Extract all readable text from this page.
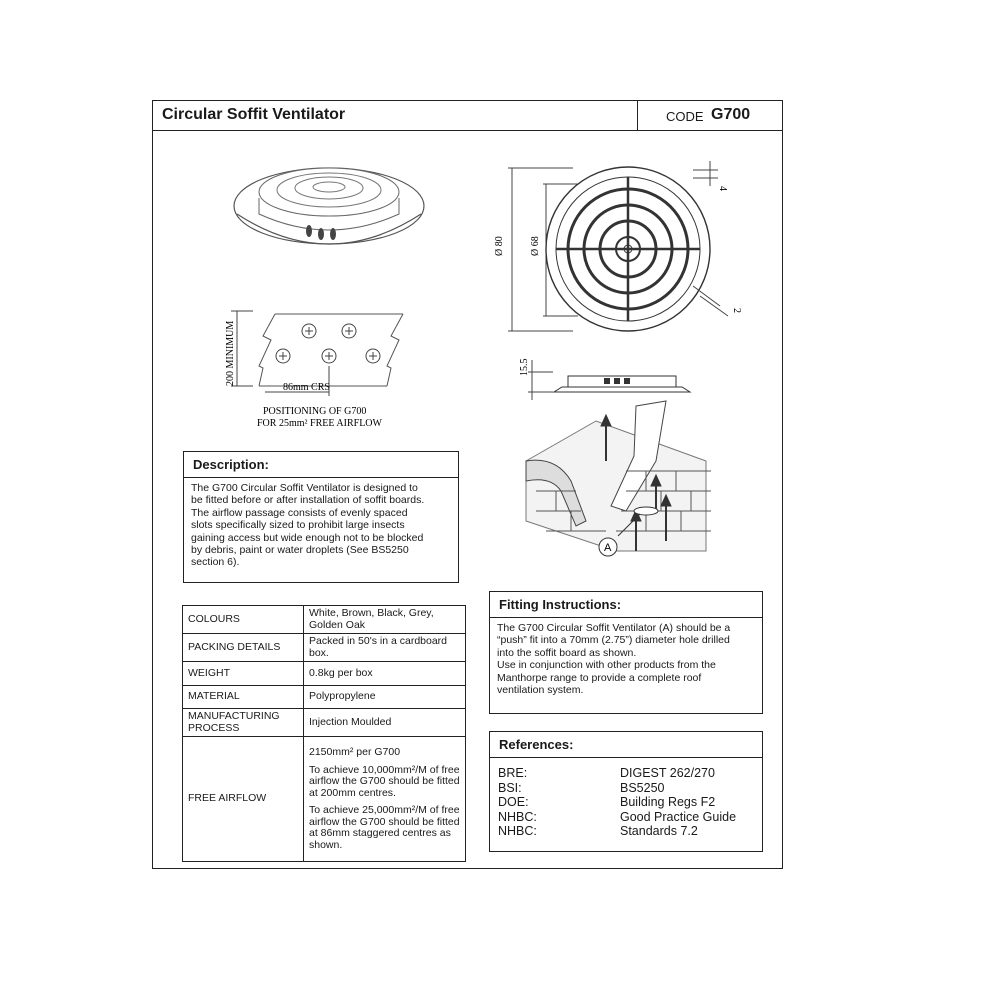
Circular Soffit Ventilator	CODE G700
Ø 80	Ø 68
4
2
15.5
A
200 MINIMUM
86mm CRS
POSITIONING OF G700
FOR 25mm² FREE AIRFLOW
Description:
The G700 Circular Soffit Ventilator is designed to
be fitted before or after installation of soffit boards.
The airflow passage consists of evenly spaced
slots specifically sized to prohibit large insects
gaining access but wide enough not to be blocked
by debris, paint or water droplets (See BS5250
section 6).
COLOURS	White, Brown, Black, Grey, Golden Oak
PACKING DETAILS	Packed in 50's in a cardboard box.
WEIGHT	0.8kg per box
MATERIAL	Polypropylene
MANUFACTURING PROCESS	Injection Moulded
FREE AIRFLOW	2150mm² per G700

To achieve 10,000mm²/M of free airflow the G700 should be fitted at 200mm centres.

To achieve 25,000mm²/M of free airflow the G700 should be fitted at 86mm staggered centres as shown.

Fitting Instructions:
The G700 Circular Soffit Ventilator (A) should be a
“push” fit into a 70mm (2.75”) diameter hole drilled
into the soffit board as shown.
Use in conjunction with other products from the
Manthorpe range to provide a complete roof
ventilation system.
References:
BRE:	DIGEST 262/270
BSI:	BS5250
DOE:	Building Regs F2
NHBC:	Good Practice Guide
NHBC:	Standards 7.2
